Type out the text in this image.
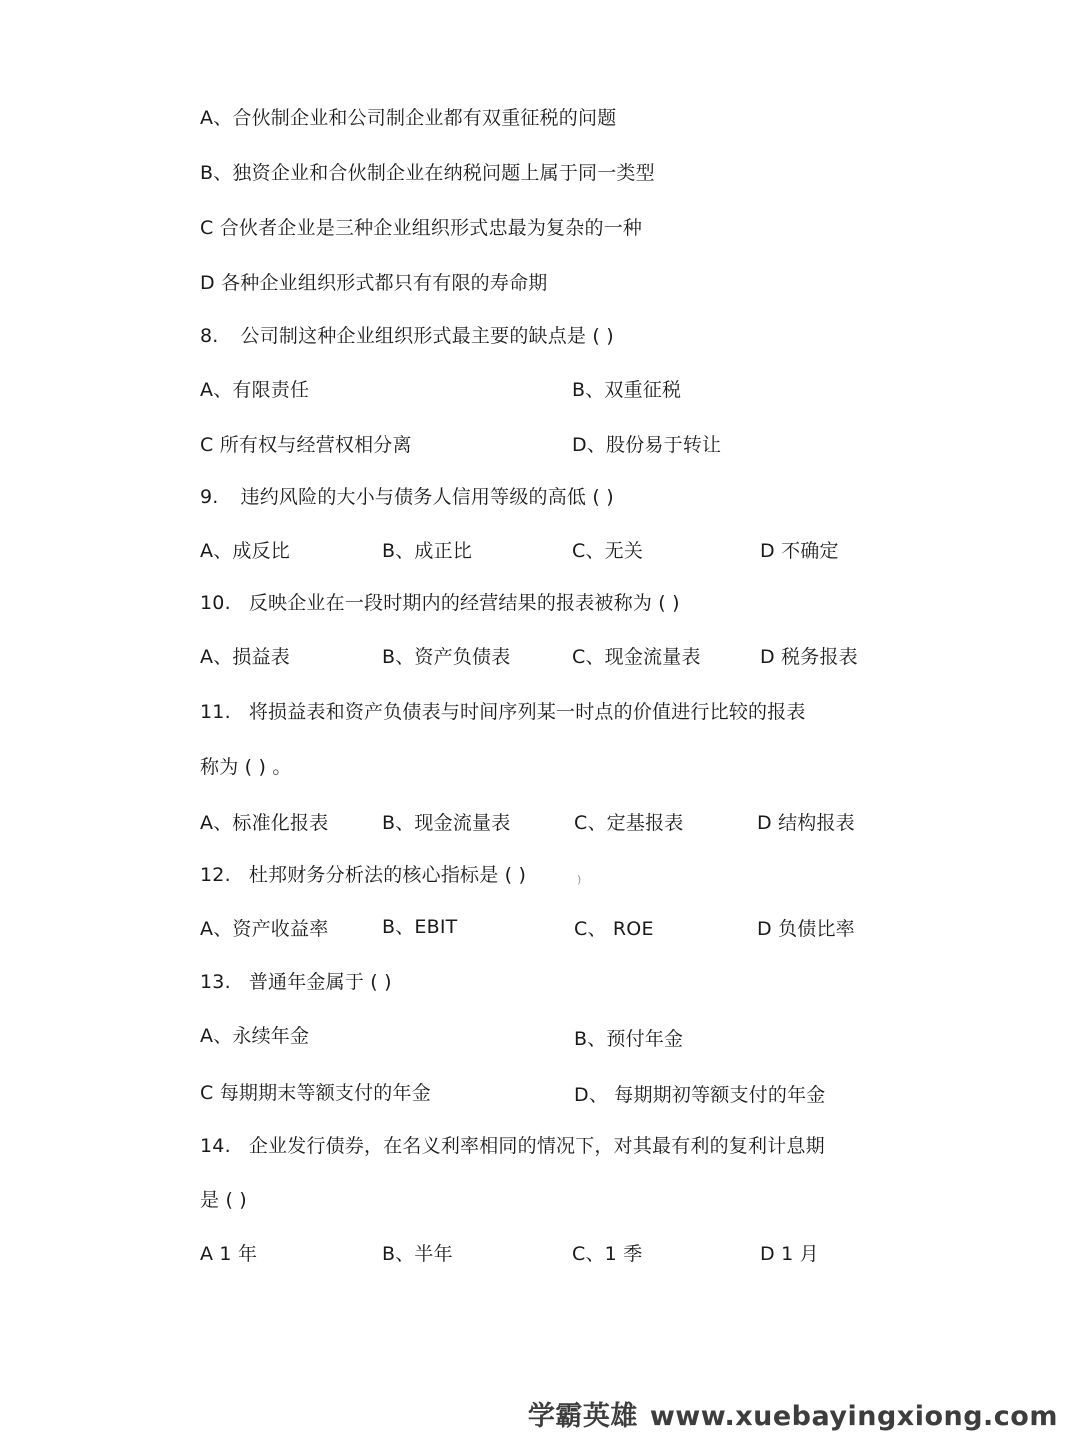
A、合伙制企业和公司制企业都有双重征税的问题
B、独资企业和合伙制企业在纳税问题上属于同一类型
C 合伙者企业是三种企业组织形式忠最为复杂的一种
D 各种企业组织形式都只有有限的寿命期
8. 公司制这种企业组织形式最主要的缺点是 ( )
A、有限责任	B、双重征税
C 所有权与经营权相分离	D、股份易于转让
9. 违约风险的大小与债务人信用等级的高低 ( )
A、成反比	B、成正比	C、无关	D 不确定
10. 反映企业在一段时期内的经营结果的报表被称为 ( )
A、损益表	B、资产负债表	C、现金流量表	D 税务报表
11. 将损益表和资产负债表与时间序列某一时点的价值进行比较的报表
称为 ( ) 。
A、标准化报表	B、现金流量表	C、定基报表	D 结构报表
12. 杜邦财务分析法的核心指标是 ( )	)
A、资产收益率	B、EBIT	C、 ROE	D 负债比率
13. 普通年金属于 ( )
A、永续年金	B、预付年金
C 每期期末等额支付的年金	D、 每期期初等额支付的年金
14. 企业发行债券，在名义利率相同的情况下，对其最有利的复利计息期
是 ( )
A 1 年	B、半年	C、1 季	D 1 月
学霸英雄 www.xuebayingxiong.com
